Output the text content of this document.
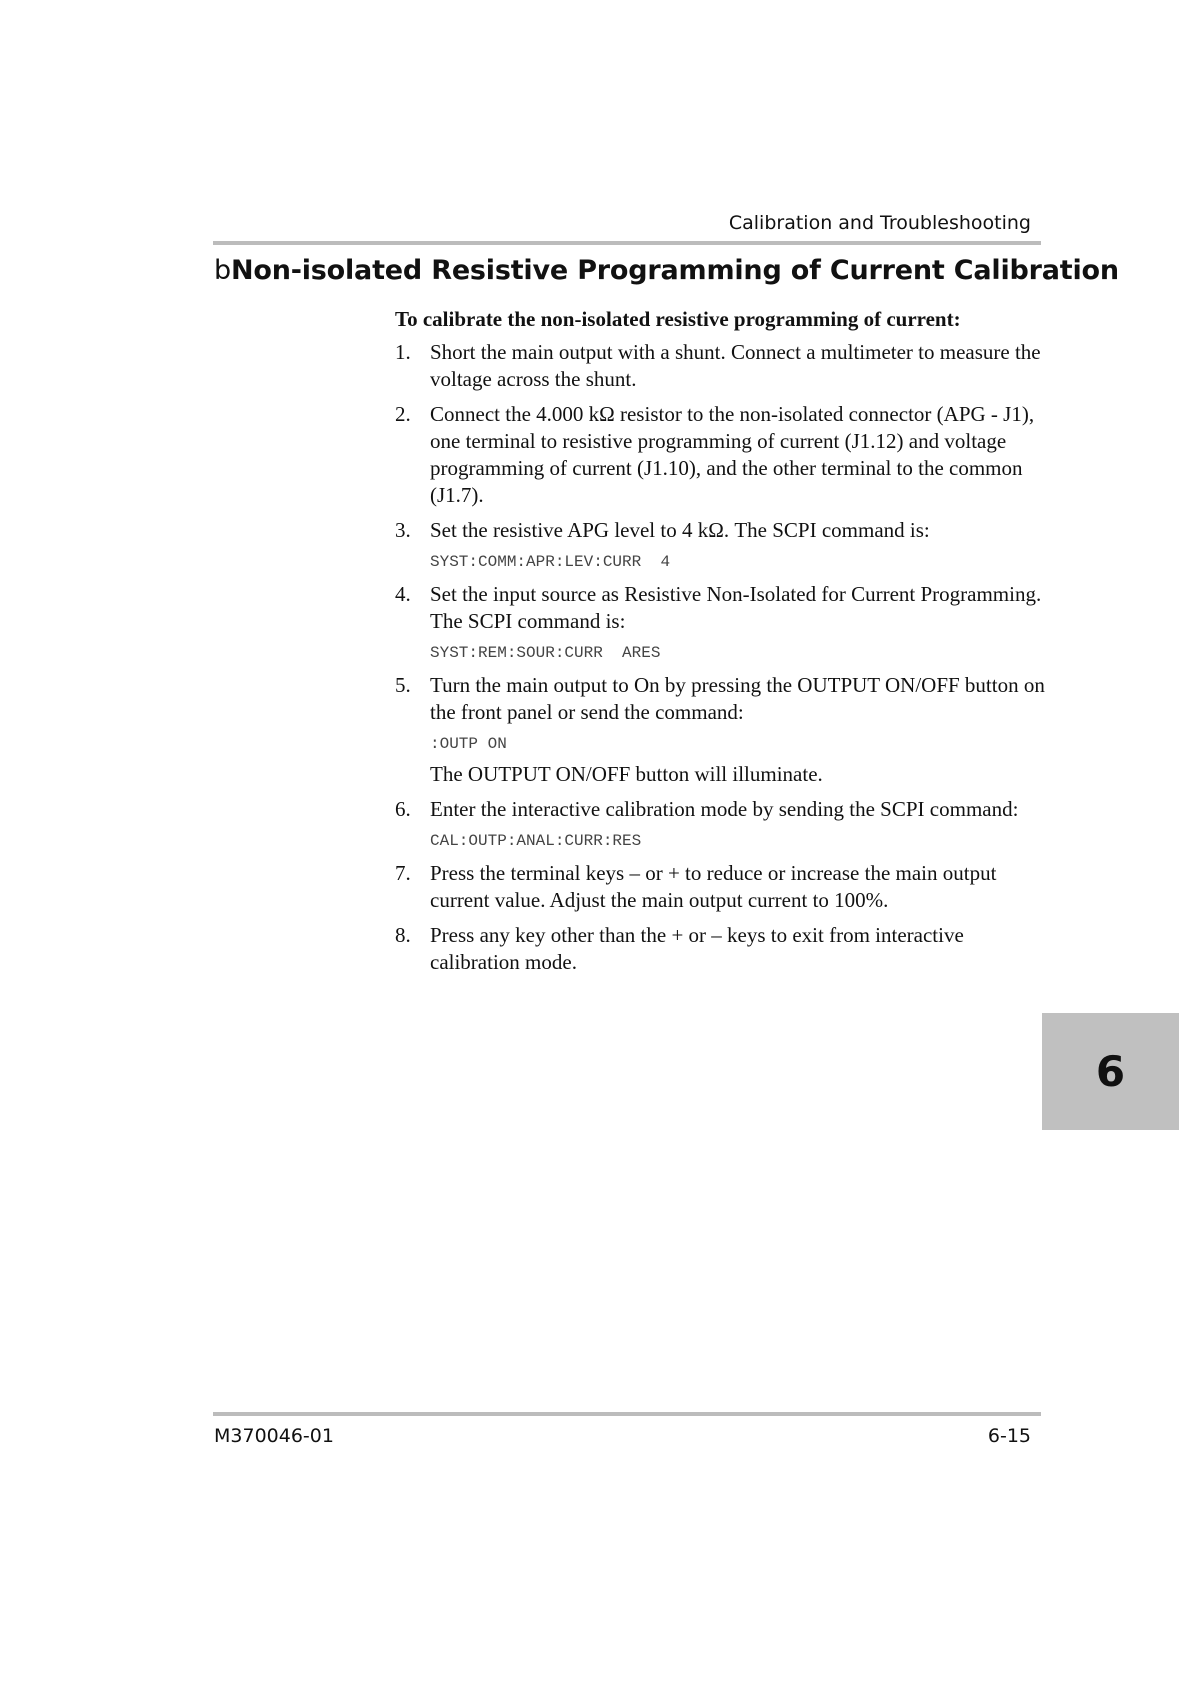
Calibration and Troubleshooting
bNon-isolated Resistive Programming of Current Calibration

To calibrate the non-isolated resistive programming of current:

1. Short the main output with a shunt. Connect a multimeter to measure the voltage across the shunt.
2. Connect the 4.000 kΩ resistor to the non-isolated connector (APG - J1), one terminal to resistive programming of current (J1.12) and voltage programming of current (J1.10), and the other terminal to the common (J1.7).
3. Set the resistive APG level to 4 kΩ. The SCPI command is:
SYST:COMM:APR:LEV:CURR  4
4. Set the input source as Resistive Non-Isolated for Current Programming. The SCPI command is:
SYST:REM:SOUR:CURR  ARES
5. Turn the main output to On by pressing the OUTPUT ON/OFF button on the front panel or send the command:
:OUTP ON
The OUTPUT ON/OFF button will illuminate.
6. Enter the interactive calibration mode by sending the SCPI command:
CAL:OUTP:ANAL:CURR:RES
7. Press the terminal keys – or + to reduce or increase the main output current value. Adjust the main output current to 100%.
8. Press any key other than the + or – keys to exit from interactive calibration mode.
6
M370046-01	6-15
